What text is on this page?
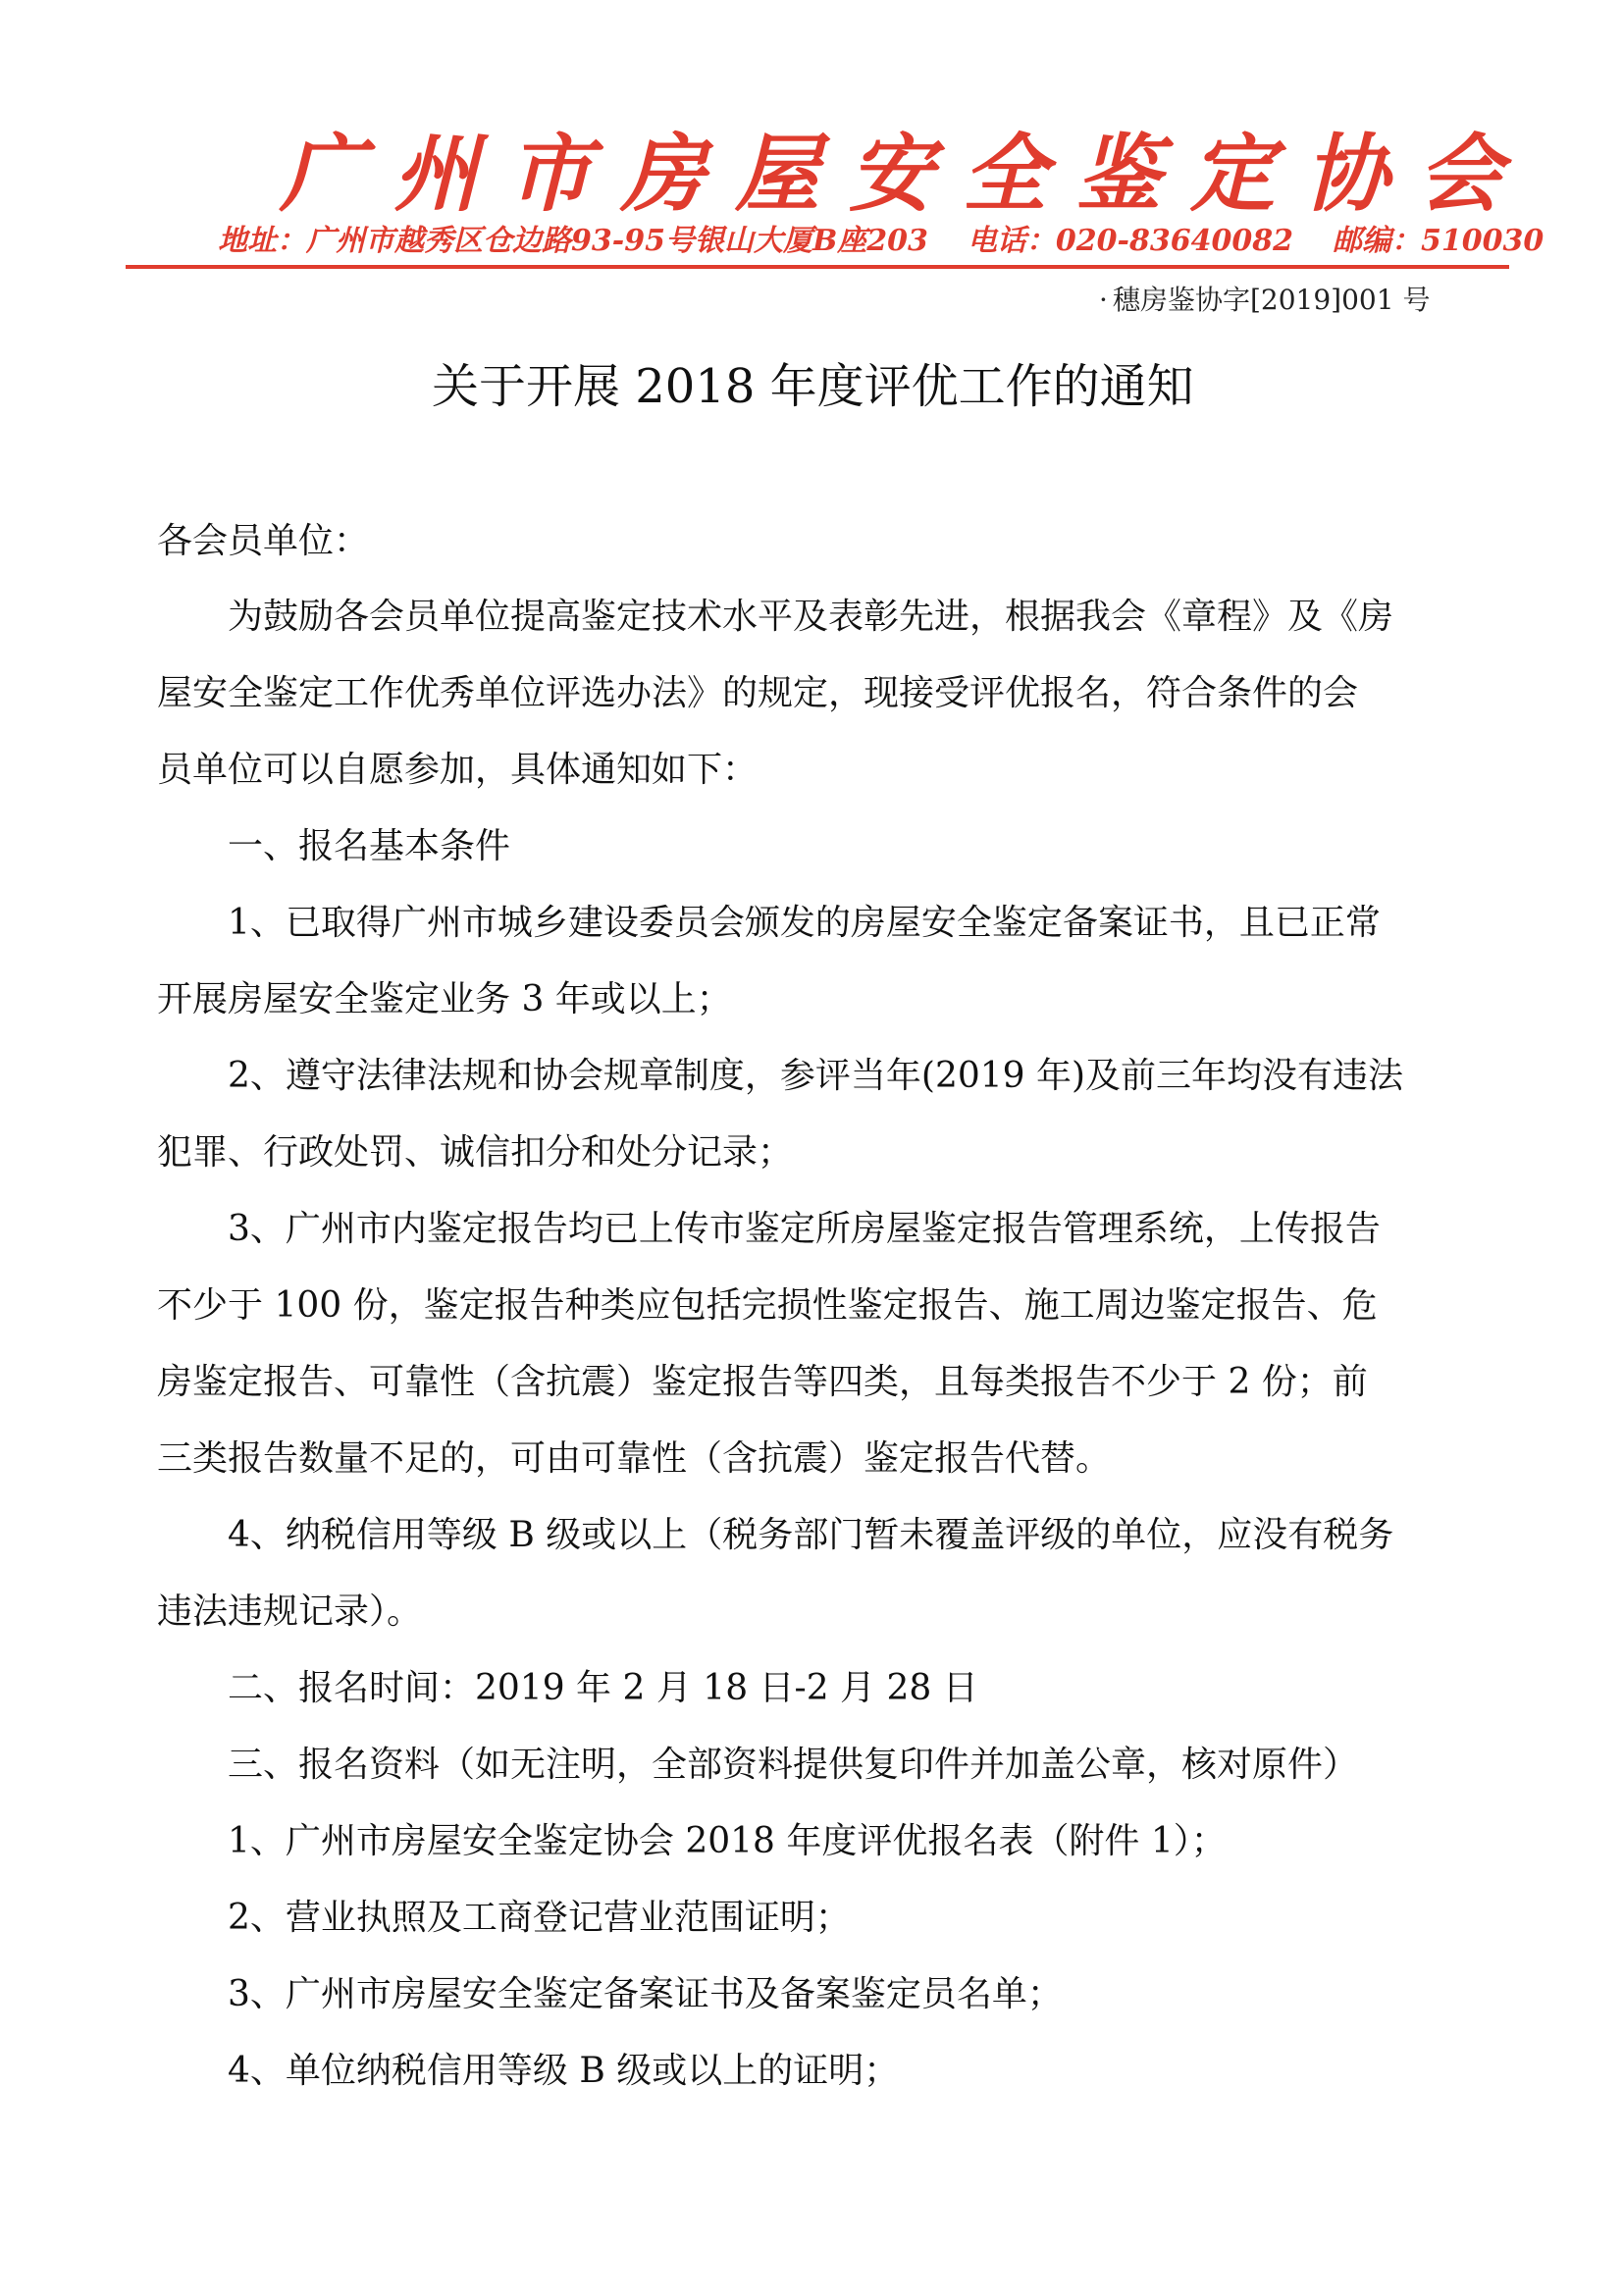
广州市房屋安全鉴定协会
地址：广州市越秀区仓边路93-95号银山大厦B座203 电话：020-83640082 邮编：510030
· 穗房鉴协字[2019]001 号
关于开展 2018 年度评优工作的通知
各会员单位：
为鼓励各会员单位提高鉴定技术水平及表彰先进，根据我会《章程》及《房
屋安全鉴定工作优秀单位评选办法》的规定，现接受评优报名，符合条件的会
员单位可以自愿参加，具体通知如下：
一、报名基本条件
1、已取得广州市城乡建设委员会颁发的房屋安全鉴定备案证书，且已正常
开展房屋安全鉴定业务 3 年或以上；
2、遵守法律法规和协会规章制度，参评当年(2019 年)及前三年均没有违法
犯罪、行政处罚、诚信扣分和处分记录；
3、广州市内鉴定报告均已上传市鉴定所房屋鉴定报告管理系统，上传报告
不少于 100 份，鉴定报告种类应包括完损性鉴定报告、施工周边鉴定报告、危
房鉴定报告、可靠性（含抗震）鉴定报告等四类，且每类报告不少于 2 份；前
三类报告数量不足的，可由可靠性（含抗震）鉴定报告代替。
4、纳税信用等级 B 级或以上（税务部门暂未覆盖评级的单位，应没有税务
违法违规记录）。
二、报名时间：2019 年 2 月 18 日-2 月 28 日
三、报名资料（如无注明，全部资料提供复印件并加盖公章，核对原件）
1、广州市房屋安全鉴定协会 2018 年度评优报名表（附件 1）；
2、营业执照及工商登记营业范围证明；
3、广州市房屋安全鉴定备案证书及备案鉴定员名单；
4、单位纳税信用等级 B 级或以上的证明；
